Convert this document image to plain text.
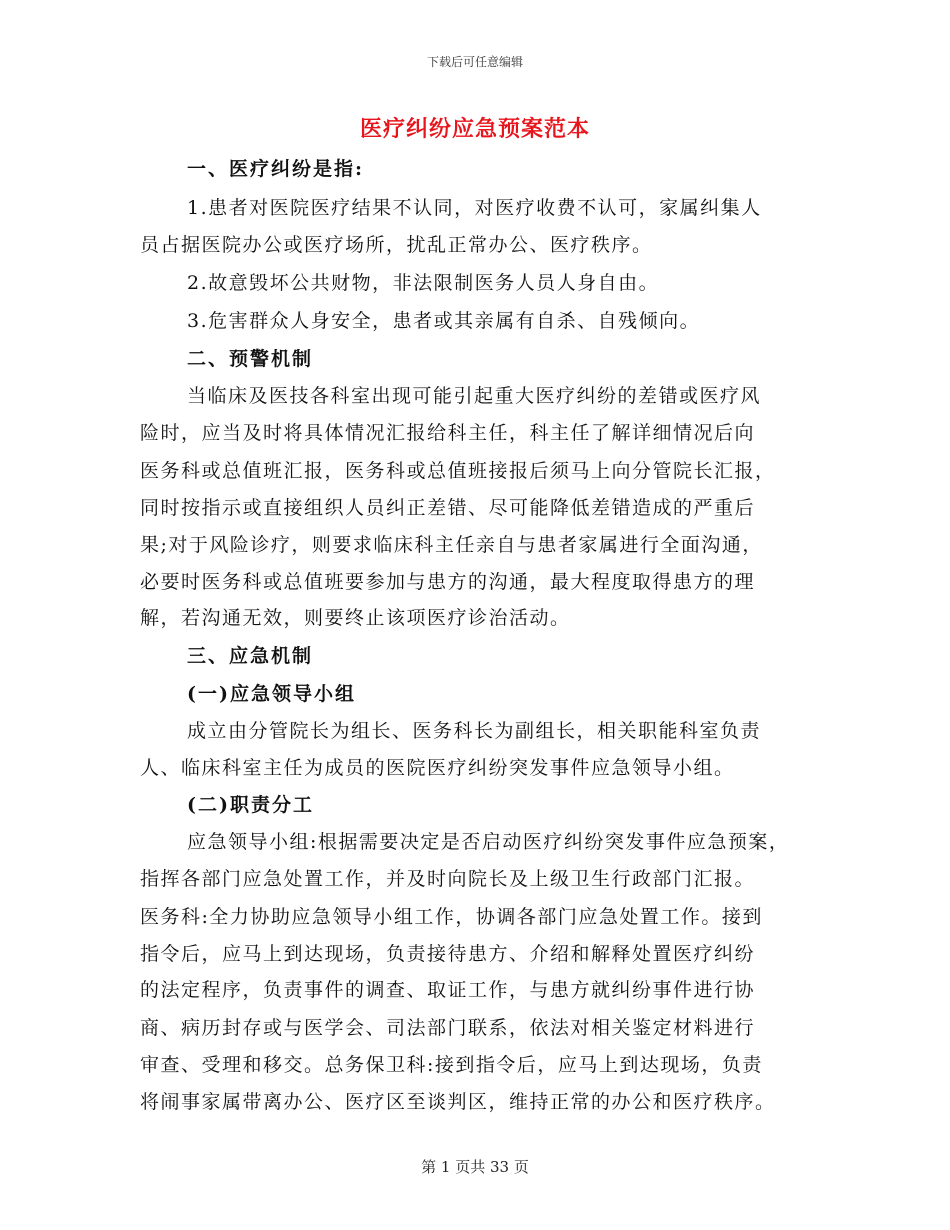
下载后可任意编辑
医疗纠纷应急预案范本
一、医疗纠纷是指:
1.患者对医院医疗结果不认同，对医疗收费不认可，家属纠集人
员占据医院办公或医疗场所，扰乱正常办公、医疗秩序。
2.故意毁坏公共财物，非法限制医务人员人身自由。
3.危害群众人身安全，患者或其亲属有自杀、自残倾向。
二、预警机制
当临床及医技各科室出现可能引起重大医疗纠纷的差错或医疗风
险时，应当及时将具体情况汇报给科主任，科主任了解详细情况后向
医务科或总值班汇报，医务科或总值班接报后须马上向分管院长汇报，
同时按指示或直接组织人员纠正差错、尽可能降低差错造成的严重后
果;对于风险诊疗，则要求临床科主任亲自与患者家属进行全面沟通，
必要时医务科或总值班要参加与患方的沟通，最大程度取得患方的理
解，若沟通无效，则要终止该项医疗诊治活动。
三、应急机制
(一)应急领导小组
成立由分管院长为组长、医务科长为副组长，相关职能科室负责
人、临床科室主任为成员的医院医疗纠纷突发事件应急领导小组。
(二)职责分工
应急领导小组:根据需要决定是否启动医疗纠纷突发事件应急预案，
指挥各部门应急处置工作，并及时向院长及上级卫生行政部门汇报。
医务科:全力协助应急领导小组工作，协调各部门应急处置工作。接到
指令后，应马上到达现场，负责接待患方、介绍和解释处置医疗纠纷
的法定程序，负责事件的调查、取证工作，与患方就纠纷事件进行协
商、病历封存或与医学会、司法部门联系，依法对相关鉴定材料进行
审查、受理和移交。总务保卫科:接到指令后，应马上到达现场，负责
将闹事家属带离办公、医疗区至谈判区，维持正常的办公和医疗秩序。
第 1 页共 33 页
